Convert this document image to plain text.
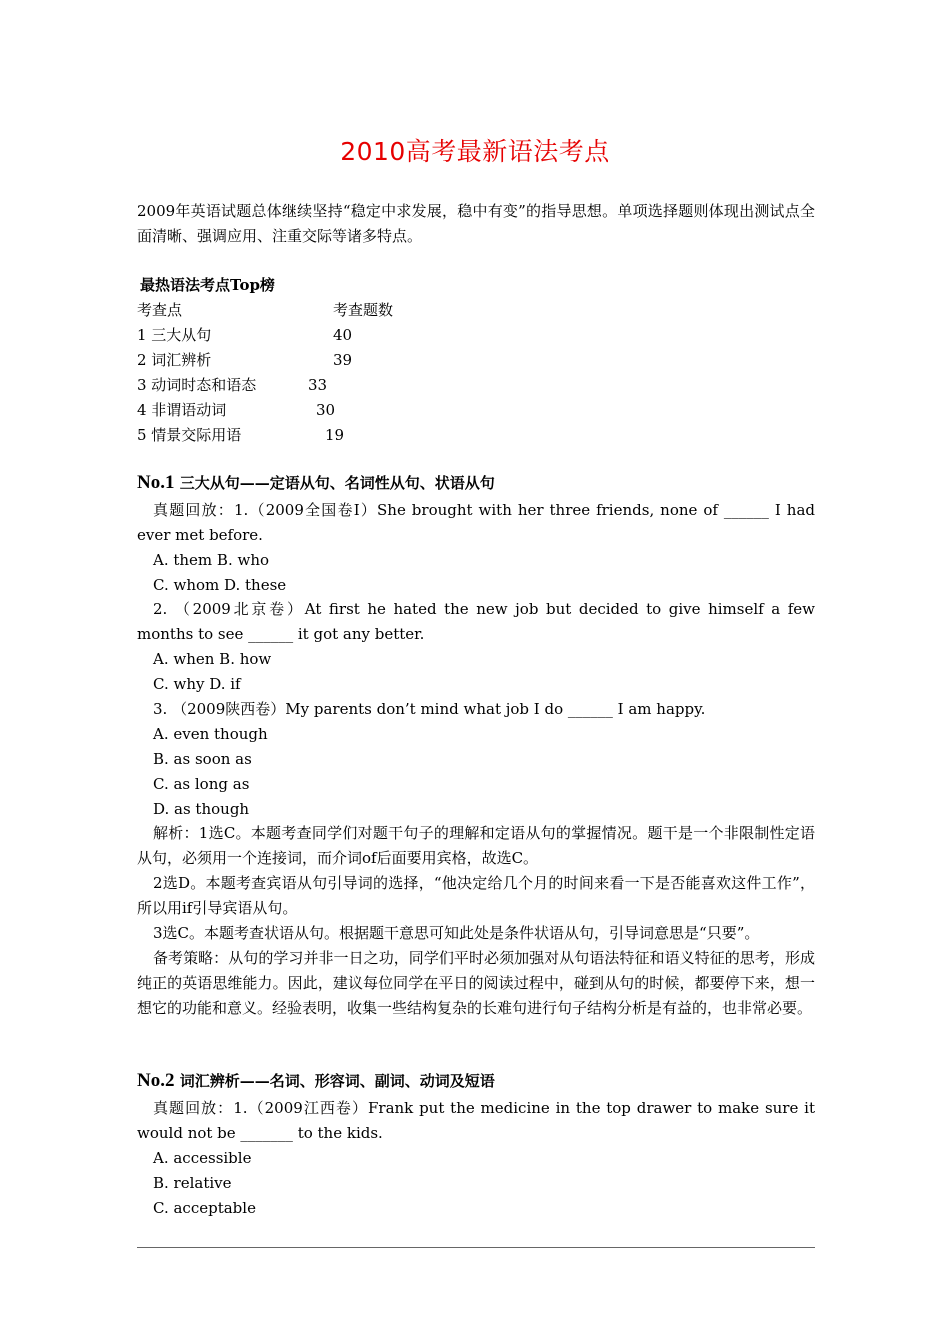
2010高考最新语法考点
2009年英语试题总体继续坚持“稳定中求发展，稳中有变”的指导思想。单项选择题则体现出测试点全面清晰、强调应用、注重交际等诸多特点。
最热语法考点Top榜
考查点	考查题数
1 三大从句	40
2 词汇辨析	39
3 动词时态和语态	33
4 非谓语动词	30
5 情景交际用语	19
No.1 三大从句——定语从句、名词性从句、状语从句
真题回放：1.（2009全国卷Ⅰ）She brought with her three friends, none of ______ I had ever met before.
A. them B. who
C. whom D. these
2. （2009北京卷）At first he hated the new job but decided to give himself a few months to see ______ it got any better.
A. when B. how
C. why D. if
3. （2009陕西卷）My parents don’t mind what job I do ______ I am happy.
A. even though
B. as soon as
C. as long as
D. as though
解析：1选C。本题考查同学们对题干句子的理解和定语从句的掌握情况。题干是一个非限制性定语从句，必须用一个连接词，而介词of后面要用宾格，故选C。
2选D。本题考查宾语从句引导词的选择，“他决定给几个月的时间来看一下是否能喜欢这件工作”，所以用if引导宾语从句。
3选C。本题考查状语从句。根据题干意思可知此处是条件状语从句，引导词意思是“只要”。
备考策略：从句的学习并非一日之功，同学们平时必须加强对从句语法特征和语义特征的思考，形成纯正的英语思维能力。因此，建议每位同学在平日的阅读过程中，碰到从句的时候，都要停下来，想一想它的功能和意义。经验表明，收集一些结构复杂的长难句进行句子结构分析是有益的，也非常必要。
No.2 词汇辨析——名词、形容词、副词、动词及短语
真题回放：1.（2009江西卷）Frank put the medicine in the top drawer to make sure it would not be _______ to the kids.
A. accessible
B. relative
C. acceptable
